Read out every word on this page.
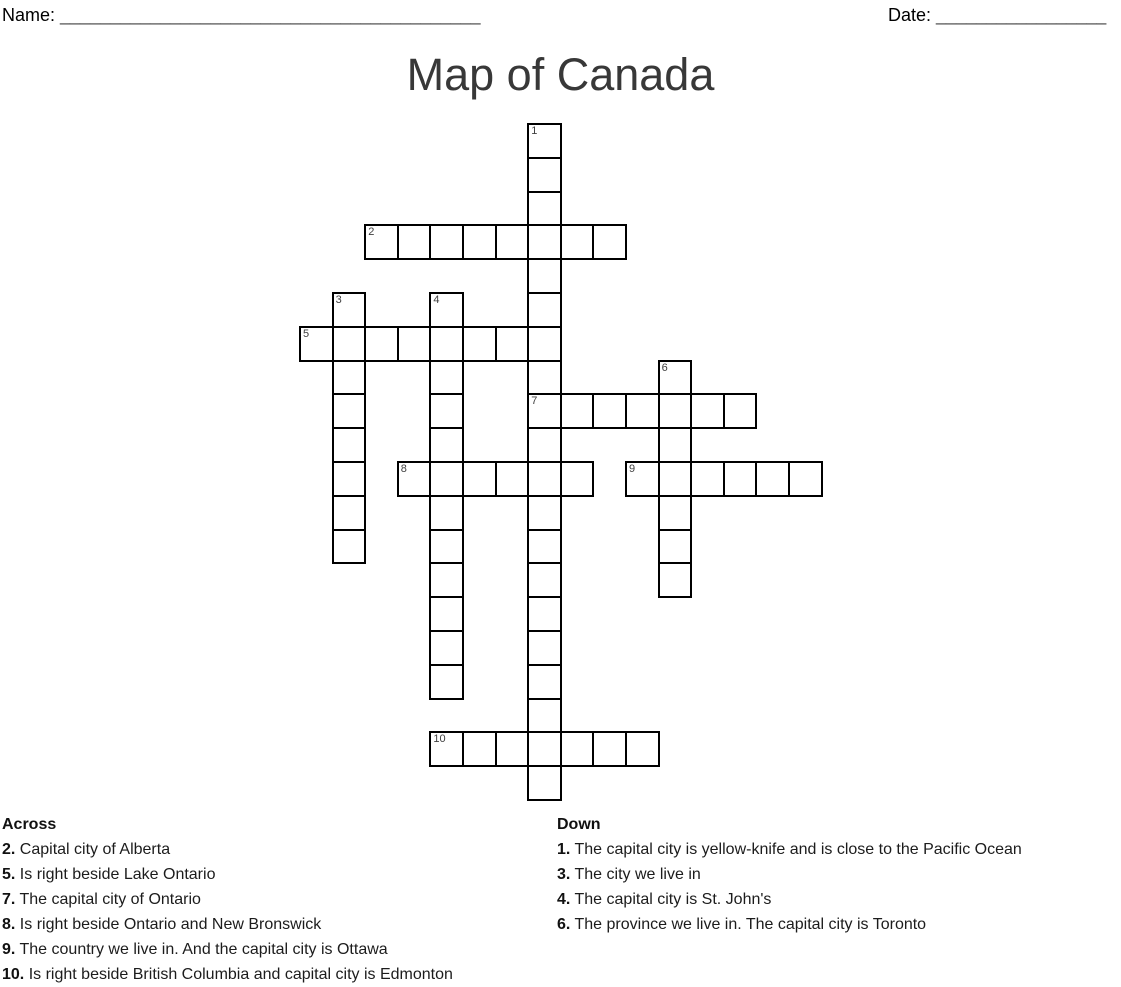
Name: __________________________________________	Date: _________________
Map of Canada
1
7
2
3	4
5
6
8	9
10
Across
2. Capital city of Alberta
5. Is right beside Lake Ontario
7. The capital city of Ontario
8. Is right beside Ontario and New Bronswick
9. The country we live in. And the capital city is Ottawa
10. Is right beside British Columbia and capital city is Edmonton
Down
1. The capital city is yellow-knife and is close to the Pacific Ocean
3. The city we live in
4. The capital city is St. John's
6. The province we live in. The capital city is Toronto
